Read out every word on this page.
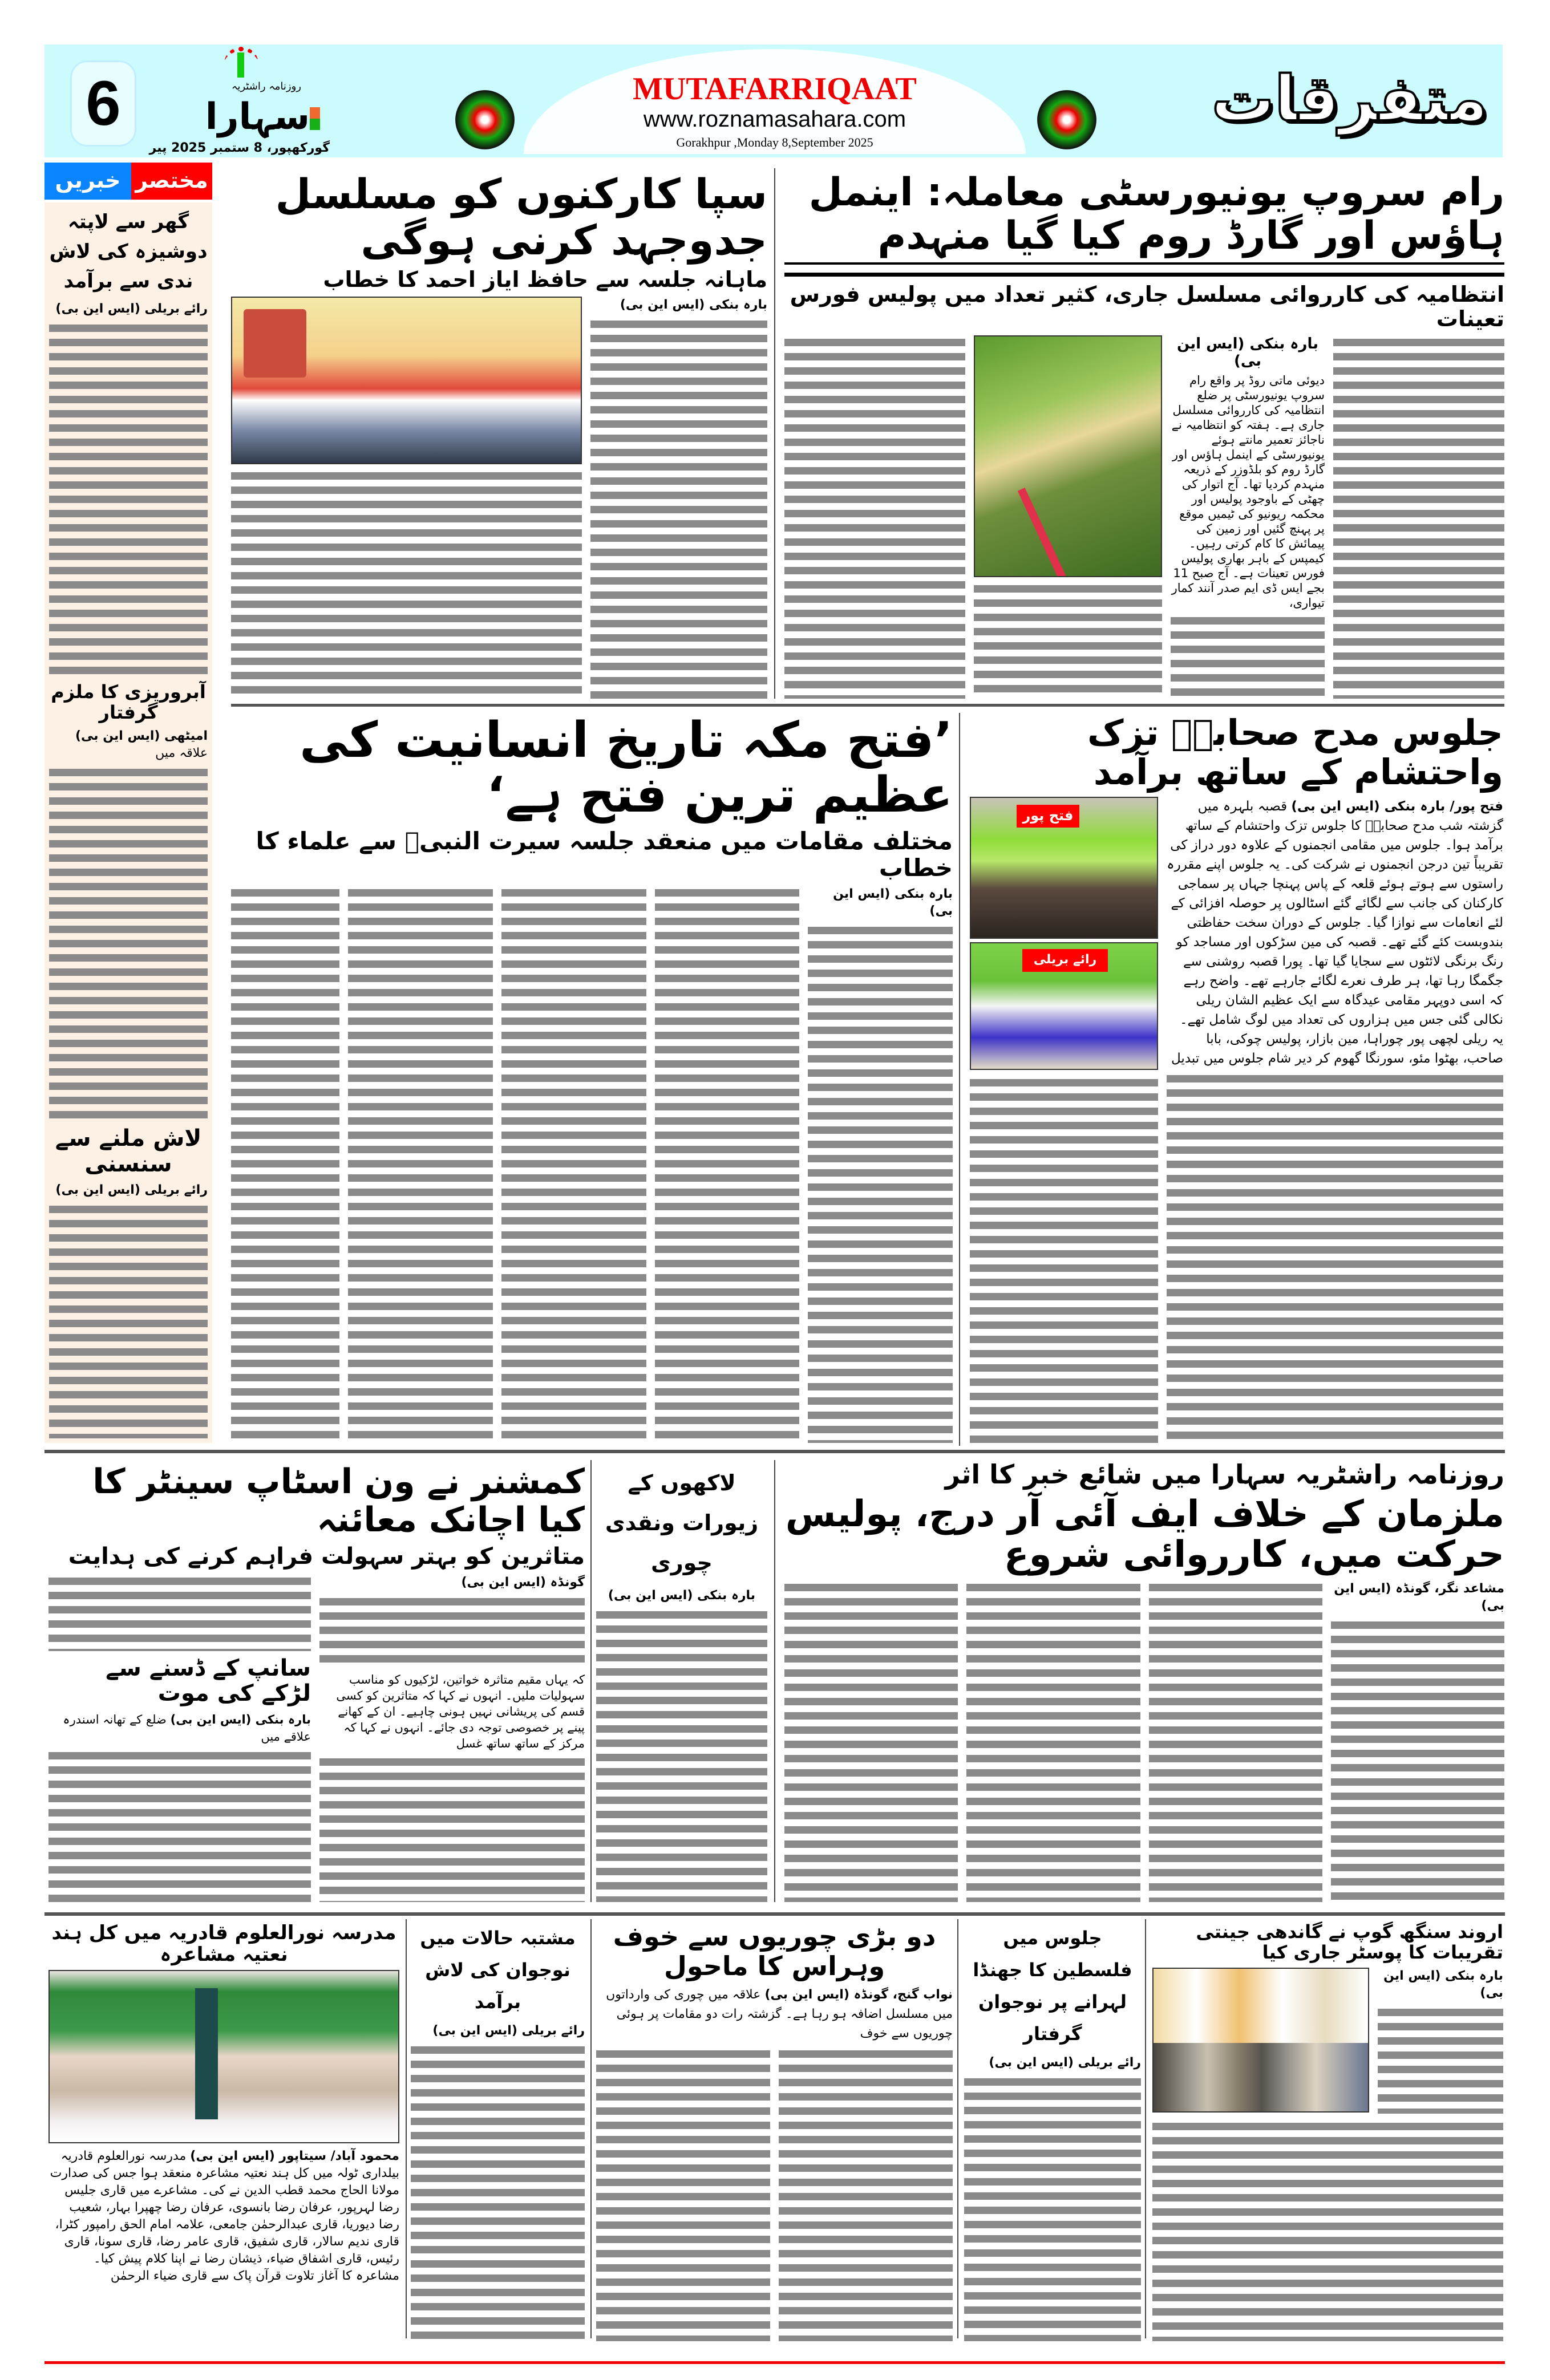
6	روزنامہ راشٹریہ
سہارا
گورکھپور، 8 ستمبر 2025 پیر
MUTAFARRIQAAT
www.roznamasahara.com
Gorakhpur ,Monday 8,September 2025
متفرقات
خبریں مختصر
گھر سے لاپتہ دوشیزہ کی لاش ندی سے برآمد
رائے بریلی (ایس این بی)
آبروریزی کا ملزم گرفتار
امیٹھی (ایس این بی) علاقہ میں
لاش ملنے سے سنسنی
رائے بریلی (ایس این بی)
رام سروپ یونیورسٹی معاملہ: اینمل ہاؤس اور گارڈ روم کیا گیا منہدم
انتظامیہ کی کارروائی مسلسل جاری، کثیر تعداد میں پولیس فورس تعینات
بارہ بنکی (ایس این بی)
دیوئی ماتی روڈ پر واقع رام سروپ یونیورسٹی پر ضلع انتظامیہ کی کارروائی مسلسل جاری ہے۔ ہفتہ کو انتظامیہ نے ناجائز تعمیر مانتے ہوئے یونیورسٹی کے اینمل ہاؤس اور گارڈ روم کو بلڈوزر کے ذریعہ منہدم کردیا تھا۔ آج اتوار کی چھٹی کے باوجود پولیس اور محکمہ ریونیو کی ٹیمیں موقع پر پہنچ گئیں اور زمین کی پیمائش کا کام کرتی رہیں۔ کیمپس کے باہر بھاری پولیس فورس تعینات ہے۔ آج صبح 11 بجے ایس ڈی ایم صدر آنند کمار تیواری،
سپا کارکنوں کو مسلسل جدوجہد کرنی ہوگی
ماہانہ جلسہ سے حافظ ایاز احمد کا خطاب
بارہ بنکی (ایس این بی)
جلوس مدح صحابہؓ تزک واحتشام کے ساتھ برآمد
فتح پور/ بارہ بنکی (ایس این بی) قصبہ بلہرہ میں گزشتہ شب مدح صحابہؓ کا جلوس تزک واحتشام کے ساتھ برآمد ہوا۔ جلوس میں مقامی انجمنوں کے علاوہ دور دراز کی تقریباً تین درجن انجمنوں نے شرکت کی۔ یہ جلوس اپنے مقررہ راستوں سے ہوتے ہوئے قلعہ کے پاس پہنچا جہاں پر سماجی کارکنان کی جانب سے لگائے گئے اسٹالوں پر حوصلہ افزائی کے لئے انعامات سے نوازا گیا۔ جلوس کے دوران سخت حفاظتی بندوبست کئے گئے تھے۔ قصبہ کی مین سڑکوں اور مساجد کو رنگ برنگی لائٹوں سے سجایا گیا تھا۔ پورا قصبہ روشنی سے جگمگا رہا تھا، ہر طرف نعرے لگائے جارہے تھے۔ واضح رہے کہ اسی دوپہر مقامی عیدگاہ سے ایک عظیم الشان ریلی نکالی گئی جس میں ہزاروں کی تعداد میں لوگ شامل تھے۔ یہ ریلی لچھی پور چوراہا، مین بازار، پولیس چوکی، بابا صاحب، بھٹوا مئو، سورنگا گھوم کر دیر شام جلوس میں تبدیل
فتح پور
رائے بریلی
’فتح مکہ تاریخ انسانیت کی عظیم ترین فتح ہے‘
مختلف مقامات میں منعقد جلسہ سیرت النبیؐ سے علماء کا خطاب
بارہ بنکی (ایس این بی)
روزنامہ راشٹریہ سہارا میں شائع خبر کا اثر
ملزمان کے خلاف ایف آئی آر درج، پولیس حرکت میں، کارروائی شروع
مشاعد نگر، گونڈہ (ایس این بی)
لاکھوں کے زیورات ونقدی چوری
بارہ بنکی (ایس این بی)
کمشنر نے ون اسٹاپ سینٹر کا کیا اچانک معائنہ
متاثرین کو بہتر سہولت فراہم کرنے کی ہدایت
گونڈہ (ایس این بی)
کہ یہاں مقیم متاثرہ خواتین، لڑکیوں کو مناسب سہولیات ملیں۔ انہوں نے کہا کہ متاثرین کو کسی قسم کی پریشانی نہیں ہونی چاہیے۔ ان کے کھانے پینے پر خصوصی توجہ دی جائے۔ انہوں نے کہا کہ مرکز کے ساتھ ساتھ غسل
سانپ کے ڈسنے سے لڑکے کی موت
بارہ بنکی (ایس این بی) ضلع کے تھانہ اسندرہ علاقے میں
اروند سنگھ گوپ نے گاندھی جینتی تقریبات کا پوسٹر جاری کیا
بارہ بنکی (ایس این بی)
جلوس میں فلسطین کا جھنڈا لہرانے پر نوجوان گرفتار
رائے بریلی (ایس این بی)
دو بڑی چوریوں سے خوف وہراس کا ماحول
نواب گنج، گونڈہ (ایس این بی) علاقہ میں چوری کی وارداتوں میں مسلسل اضافہ ہو رہا ہے۔ گزشتہ رات دو مقامات پر ہوئی چوریوں سے خوف
مشتبہ حالات میں نوجوان کی لاش برآمد
رائے بریلی (ایس این بی)
مدرسہ نورالعلوم قادریہ میں کل ہند نعتیہ مشاعرہ
محمود آباد/ سیتاپور (ایس این بی) مدرسہ نورالعلوم قادریہ بیلداری ٹولہ میں کل ہند نعتیہ مشاعرہ منعقد ہوا جس کی صدارت مولانا الحاج محمد قطب الدین نے کی۔ مشاعرے میں قاری جلیس رضا لہرپور، عرفان رضا بانسوی، عرفان رضا چھپرا بہار، شعیب رضا دیوریا، قاری عبدالرحمٰن جامعی، علامہ امام الحق رامپور کٹرا، قاری ندیم سالار، قاری شفیق، قاری عامر رضا، قاری سونا، قاری رئیس، قاری اشفاق ضیاء، ذیشان رضا نے اپنا کلام پیش کیا۔ مشاعرہ کا آغاز تلاوت قرآن پاک سے قاری ضیاء الرحمٰن
